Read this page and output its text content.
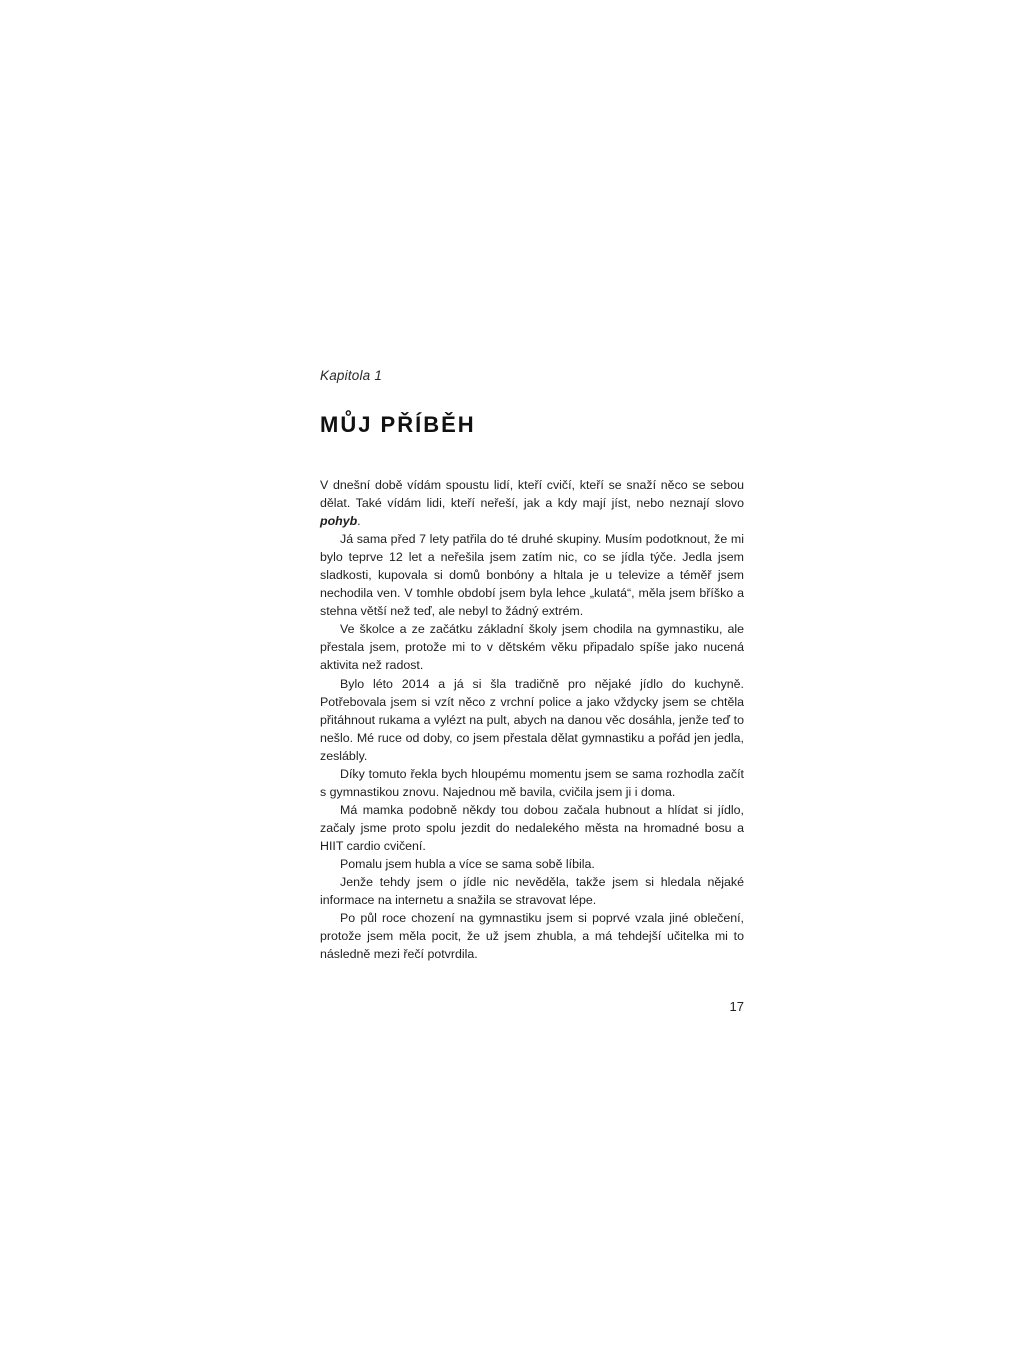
Kapitola 1
MŮJ PŘÍBĚH

V dnešní době vídám spoustu lidí, kteří cvičí, kteří se snaží něco se sebou dělat. Také vídám lidi, kteří neřeší, jak a kdy mají jíst, nebo neznají slovo pohyb.

Já sama před 7 lety patřila do té druhé skupiny. Musím podotknout, že mi bylo teprve 12 let a neřešila jsem zatím nic, co se jídla týče. Jedla jsem sladkosti, kupovala si domů bonbóny a hltala je u televize a téměř jsem nechodila ven. V tomhle období jsem byla lehce „kulatá“, měla jsem bříško a stehna větší než teď, ale nebyl to žádný extrém.

Ve školce a ze začátku základní školy jsem chodila na gymnastiku, ale přestala jsem, protože mi to v dětském věku připadalo spíše jako nucená aktivita než radost.

Bylo léto 2014 a já si šla tradičně pro nějaké jídlo do kuchyně. Potřebovala jsem si vzít něco z vrchní police a jako vždycky jsem se chtěla přitáhnout rukama a vylézt na pult, abych na danou věc dosáhla, jenže teď to nešlo. Mé ruce od doby, co jsem přestala dělat gymnastiku a pořád jen jedla, zeslábly.

Díky tomuto řekla bych hloupému momentu jsem se sama rozhodla začít s gymnastikou znovu. Najednou mě bavila, cvičila jsem ji i doma.

Má mamka podobně někdy tou dobou začala hubnout a hlídat si jídlo, začaly jsme proto spolu jezdit do nedalekého města na hromadné bosu a HIIT cardio cvičení.

Pomalu jsem hubla a více se sama sobě líbila.

Jenže tehdy jsem o jídle nic nevěděla, takže jsem si hledala nějaké informace na internetu a snažila se stravovat lépe.

Po půl roce chození na gymnastiku jsem si poprvé vzala jiné oblečení, protože jsem měla pocit, že už jsem zhubla, a má tehdejší učitelka mi to následně mezi řečí potvrdila.

17
